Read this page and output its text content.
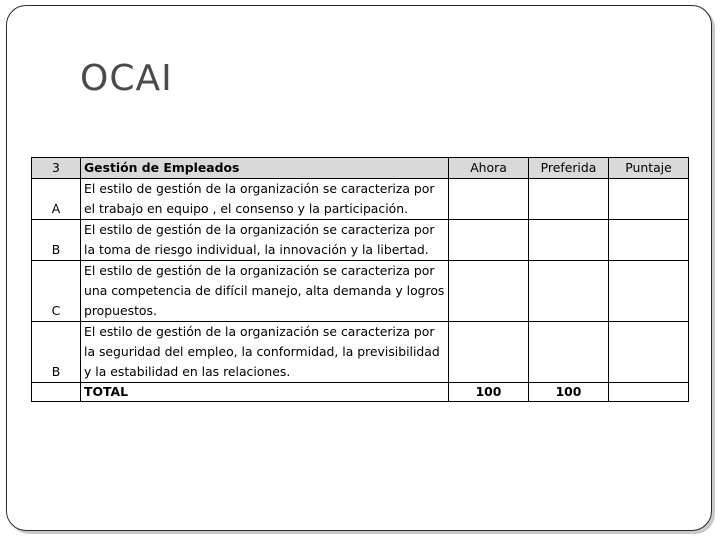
OCAI
3	Gestión de Empleados	Ahora	Preferida	Puntaje
A	El estilo de gestión de la organización se caracteriza por el trabajo en equipo , el consenso y la participación.			
B	El estilo de gestión de la organización se caracteriza por la toma de riesgo individual, la innovación y la libertad.			
C	El estilo de gestión de la organización se caracteriza por una competencia de difícil manejo, alta demanda y logros propuestos.			
B	El estilo de gestión de la organización se caracteriza por la seguridad del empleo, la conformidad, la previsibilidad y la estabilidad en las relaciones.			
	TOTAL	100	100	
